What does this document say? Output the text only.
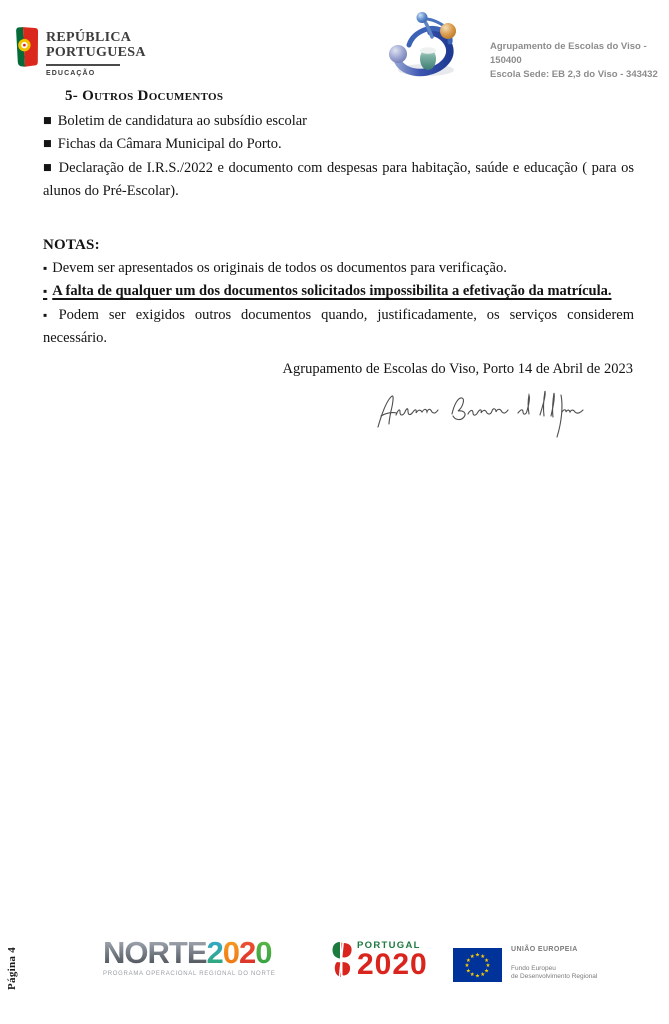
REPÚBLICA
PORTUGUESA
EDUCAÇÃO
Agrupamento de Escolas do Viso - 150400
Escola Sede: EB 2,3 do Viso - 343432
5- Outros Documentos
■ Boletim de candidatura ao subsídio escolar
■ Fichas da Câmara Municipal do Porto.
■ Declaração de I.R.S./2022 e documento com despesas para habitação, saúde e educação ( para os alunos do Pré-Escolar).
NOTAS:
▪ Devem ser apresentados os originais de todos os documentos para verificação.
▪ A falta de qualquer um dos documentos solicitados impossibilita a efetivação da matrícula.
▪ Podem ser exigidos outros documentos quando, justificadamente, os serviços considerem necessário.
Agrupamento de Escolas do Viso, Porto 14 de Abril de 2023
Página 4	NORTE2020
PROGRAMA OPERACIONAL REGIONAL DO NORTE
PORTUGAL
2020	★ ★
★
★
★
★
★
★
★
★
★
★
UNIÃO EUROPEIA
Fundo Europeu
de Desenvolvimento Regional
